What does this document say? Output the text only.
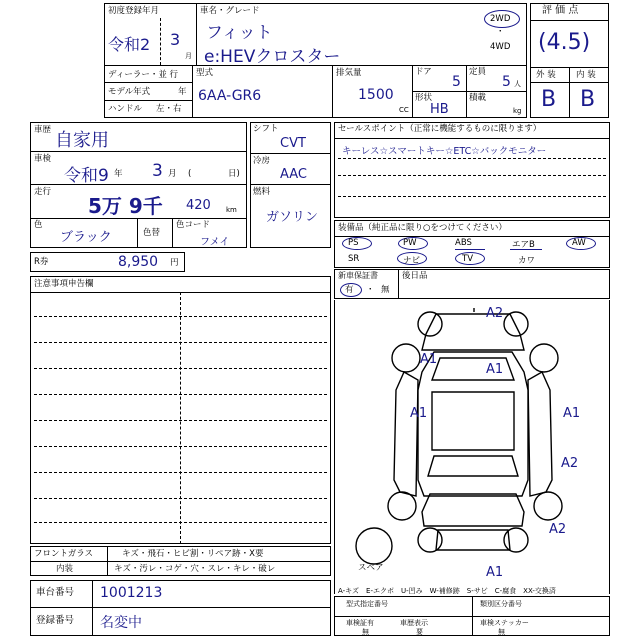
初度登録年月
令和2 3
月
車名・グレード
フィット
e:HEVクロスター
2WD
・
4WD
ディーラー・並 行
モデル年式	年
ハンドル 左・右
型式
6AA-GR6
排気量
1500
CC
ドア
5
定員
5 人
形状
HB
積載
kg
評 価 点
(4.5)
外 装 内 装
B B
車歴 自家用
車検
令和9 年 3 月 (	日)
走行
5万 9千 420 km
色
ブラック	色替
色コード
フメイ
R券	8,950 円
シフト
CVT
冷房
AAC
燃料
ガソリン
セールスポイント（正常に機能するものに限ります）
キーレス☆スマートキー☆ETC☆バックモニター
装備品（純正品に限り○をつけてください）
PS	PW	ABS	エアB	AW
SR	ナビ	TV	カワ
新車保証書
有 ・ 無
後日品
注意事項申告欄
フロントガラス	キズ・飛石・ヒビ割・リペア跡・X要
内装	キズ・汚レ・コゲ・穴・スレ・キレ・破レ
車台番号 1001213
登録番号 名変中
A2
A1
A1
A1	A1
A2
A2
A1
スペア
A-キズ　E-エクボ　U-凹み　W-補修跡　S-サビ　C-腐食　XX-交換済
型式指定番号	類別区分番号
車検証有
無
車歴表示
要
車検ステッカー
無
